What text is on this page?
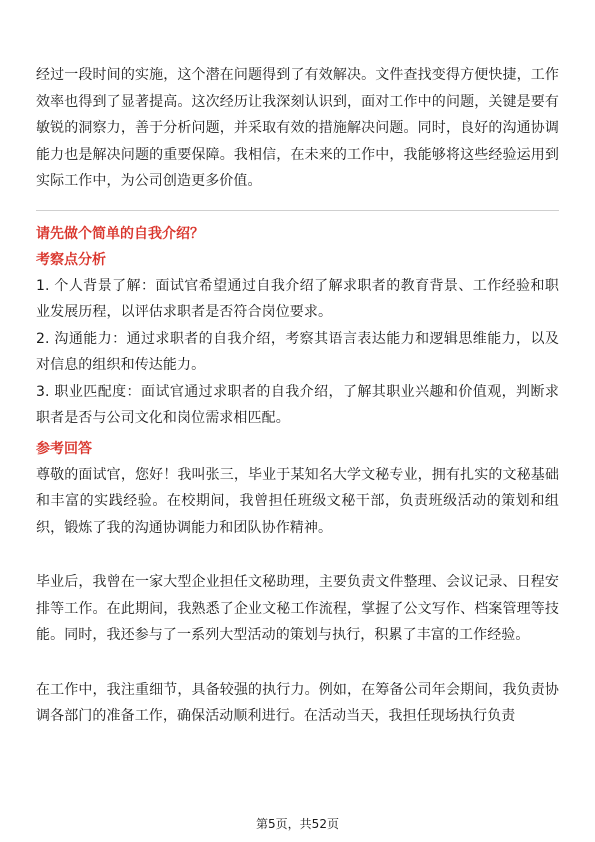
经过一段时间的实施，这个潜在问题得到了有效解决。文件查找变得方便快捷，工作效率也得到了显著提高。这次经历让我深刻认识到，面对工作中的问题，关键是要有敏锐的洞察力，善于分析问题，并采取有效的措施解决问题。同时，良好的沟通协调能力也是解决问题的重要保障。我相信，在未来的工作中，我能够将这些经验运用到实际工作中，为公司创造更多价值。

请先做个简单的自我介绍？

考察点分析

1. 个人背景了解：面试官希望通过自我介绍了解求职者的教育背景、工作经验和职业发展历程，以评估求职者是否符合岗位要求。

2. 沟通能力：通过求职者的自我介绍，考察其语言表达能力和逻辑思维能力，以及对信息的组织和传达能力。

3. 职业匹配度：面试官通过求职者的自我介绍，了解其职业兴趣和价值观，判断求职者是否与公司文化和岗位需求相匹配。

参考回答

尊敬的面试官，您好！我叫张三，毕业于某知名大学文秘专业，拥有扎实的文秘基础和丰富的实践经验。在校期间，我曾担任班级文秘干部，负责班级活动的策划和组织，锻炼了我的沟通协调能力和团队协作精神。

毕业后，我曾在一家大型企业担任文秘助理，主要负责文件整理、会议记录、日程安排等工作。在此期间，我熟悉了企业文秘工作流程，掌握了公文写作、档案管理等技能。同时，我还参与了一系列大型活动的策划与执行，积累了丰富的工作经验。

在工作中，我注重细节，具备较强的执行力。例如，在筹备公司年会期间，我负责协调各部门的准备工作，确保活动顺利进行。在活动当天，我担任现场执行负责

第5页，共52页
